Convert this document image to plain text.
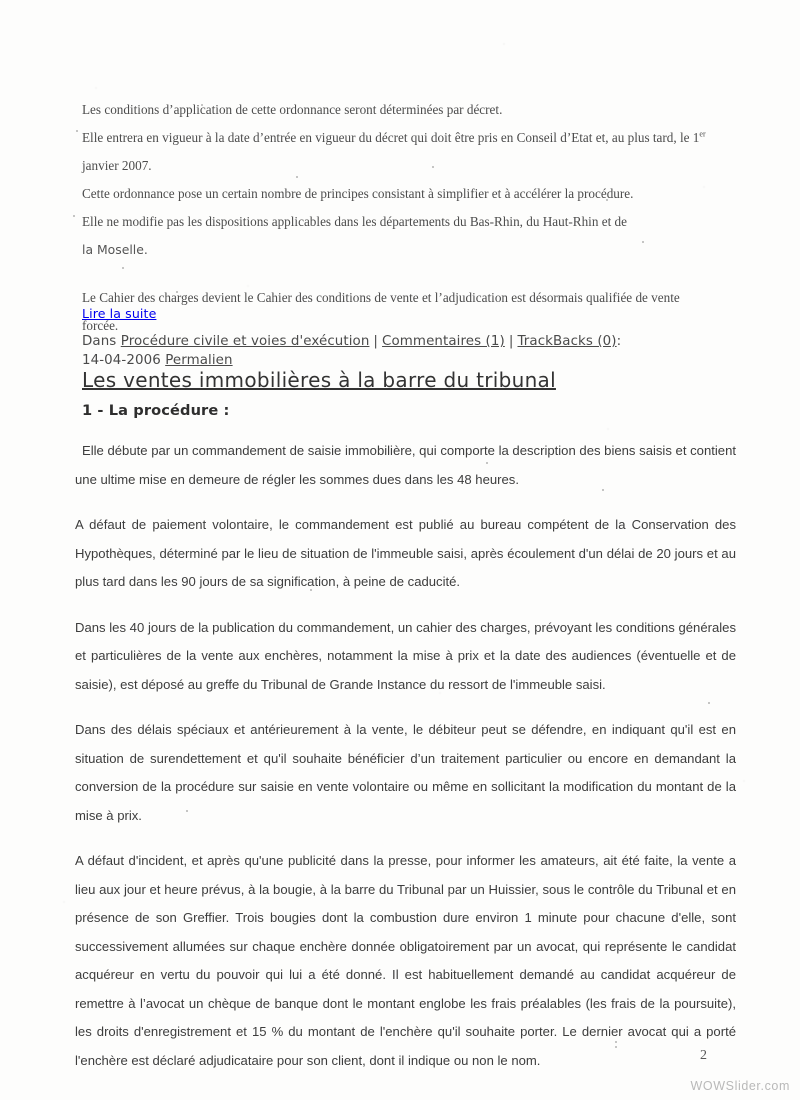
Les conditions d’application de cette ordonnance seront déterminées par décret.

Elle entrera en vigueur à la date d’entrée en vigueur du décret qui doit être pris en Conseil d’Etat et, au plus tard, le 1er

janvier 2007.

Cette ordonnance pose un certain nombre de principes consistant à simplifier et à accélérer la procédure.

Elle ne modifie pas les dispositions applicables dans les départements du Bas-Rhin, du Haut-Rhin et de

la Moselle.

Le Cahier des charges devient le Cahier des conditions de vente et l’adjudication est désormais qualifiée de vente

forcée.

Lire la suite
Dans Procédure civile et voies d'exécution | Commentaires (1) | TrackBacks (0):
14-04-2006 Permalien
Les ventes immobilières à la barre du tribunal
1 - La procédure :

Elle débute par un commandement de saisie immobilière, qui comporte la description des biens saisis et contient une ultime mise en demeure de régler les sommes dues dans les 48 heures.

A défaut de paiement volontaire, le commandement est publié au bureau compétent de la Conservation des Hypothèques, déterminé par le lieu de situation de l'immeuble saisi, après écoulement d'un délai de 20 jours et au plus tard dans les 90 jours de sa signification, à peine de caducité.

Dans les 40 jours de la publication du commandement, un cahier des charges, prévoyant les conditions générales et particulières de la vente aux enchères, notamment la mise à prix et la date des audiences (éventuelle et de saisie), est déposé au greffe du Tribunal de Grande Instance du ressort de l'immeuble saisi.

Dans des délais spéciaux et antérieurement à la vente, le débiteur peut se défendre, en indiquant qu'il est en situation de surendettement et qu'il souhaite bénéficier d’un traitement particulier ou encore en demandant la conversion de la procédure sur saisie en vente volontaire ou même en sollicitant la modification du montant de la mise à prix.

A défaut d'incident, et après qu'une publicité dans la presse, pour informer les amateurs, ait été faite, la vente a lieu aux jour et heure prévus, à la bougie, à la barre du Tribunal par un Huissier, sous le contrôle du Tribunal et en présence de son Greffier. Trois bougies dont la combustion dure environ 1 minute pour chacune d'elle, sont successivement allumées sur chaque enchère donnée obligatoirement par un avocat, qui représente le candidat acquéreur en vertu du pouvoir qui lui a été donné. Il est habituellement demandé au candidat acquéreur de remettre à l’avocat un chèque de banque dont le montant englobe les frais préalables (les frais de la poursuite), les droits d'enregistrement et 15 % du montant de l'enchère qu'il souhaite porter. Le dernier avocat qui a porté l'enchère est déclaré adjudicataire pour son client, dont il indique ou non le nom.	2
WOWSlider.com
